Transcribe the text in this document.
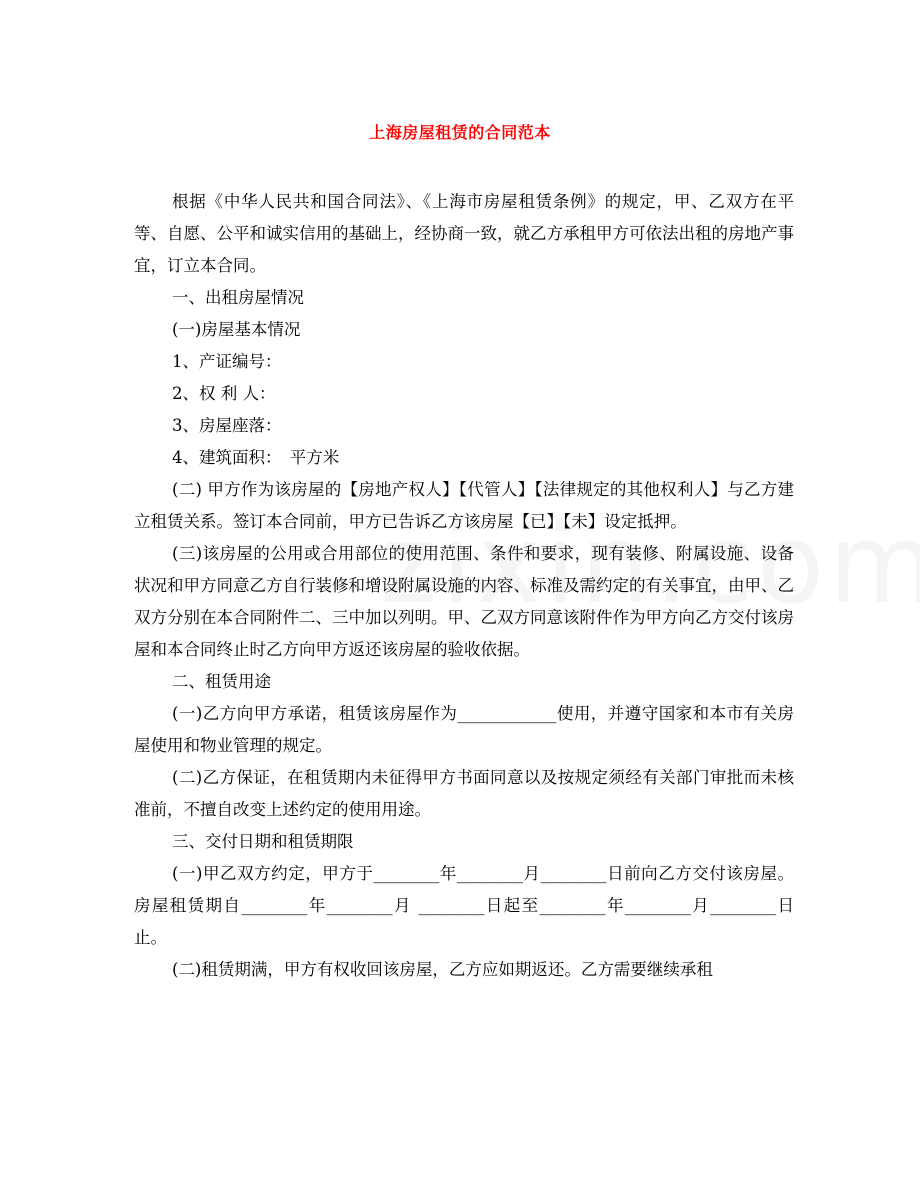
上海房屋租赁的合同范本

根据《中华人民共和国合同法》、《上海市房屋租赁条例》的规定，甲、乙双方在平等、自愿、公平和诚实信用的基础上，经协商一致，就乙方承租甲方可依法出租的房地产事宜，订立本合同。

一、出租房屋情况

(一)房屋基本情况

1、产证编号：

2、权 利 人：

3、房屋座落：

4、建筑面积：　平方米

(二) 甲方作为该房屋的【房地产权人】【代管人】【法律规定的其他权利人】与乙方建立租赁关系。签订本合同前，甲方已告诉乙方该房屋【已】【未】设定抵押。

(三)该房屋的公用或合用部位的使用范围、条件和要求，现有装修、附属设施、设备状况和甲方同意乙方自行装修和增设附属设施的内容、标准及需约定的有关事宜，由甲、乙双方分别在本合同附件二、三中加以列明。甲、乙双方同意该附件作为甲方向乙方交付该房屋和本合同终止时乙方向甲方返还该房屋的验收依据。

二、租赁用途

(一)乙方向甲方承诺，租赁该房屋作为____________使用，并遵守国家和本市有关房屋使用和物业管理的规定。

(二)乙方保证，在租赁期内未征得甲方书面同意以及按规定须经有关部门审批而未核准前，不擅自改变上述约定的使用用途。

三、交付日期和租赁期限

(一)甲乙双方约定，甲方于________年________月________日前向乙方交付该房屋。房屋租赁期自________年________月 ________日起至________年________月________日止。

(二)租赁期满，甲方有权收回该房屋，乙方应如期返还。乙方需要继续承租
